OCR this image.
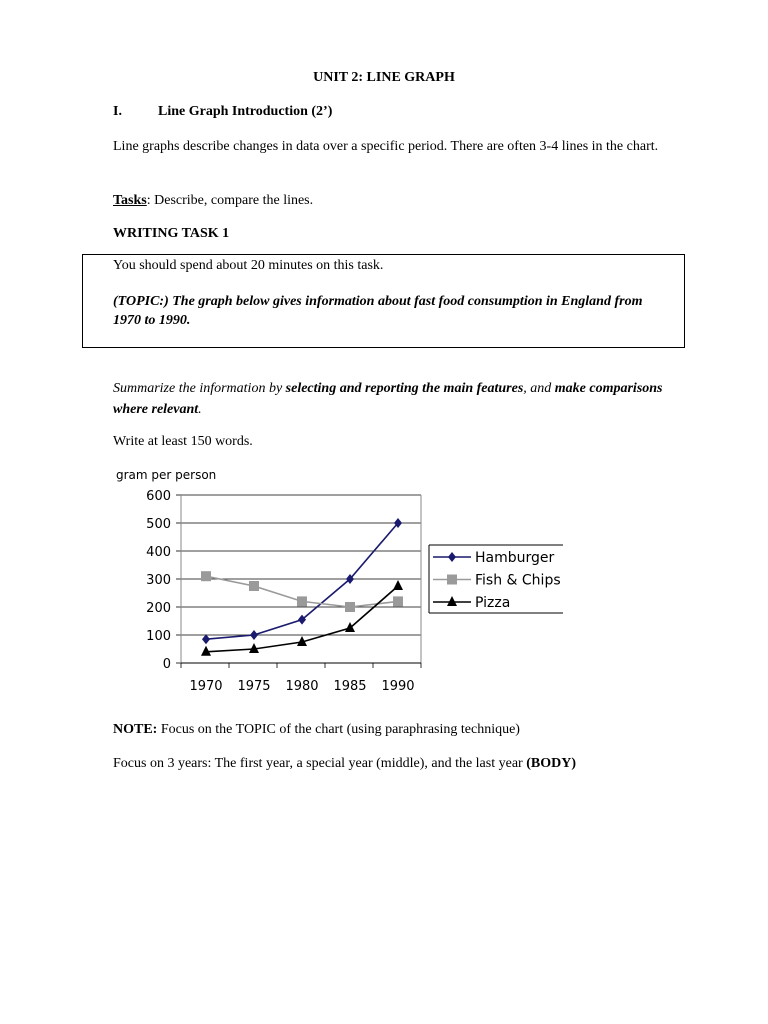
UNIT 2: LINE GRAPH
I.	Line Graph Introduction (2’)
Line graphs describe changes in data over a specific period. There are often 3-4 lines in the chart.
Tasks: Describe, compare the lines.
WRITING TASK 1
You should spend about 20 minutes on this task.
(TOPIC:) The graph below gives information about fast food consumption in England from 1970 to 1990.
Summarize the information by selecting and reporting the main features, and make comparisons where relevant.
Write at least 150 words.
gram per person
0
100
200
300
400
500
600
1970 1975 1980 1985 1990
Hamburger
Fish & Chips
Pizza
NOTE: Focus on the TOPIC of the chart (using paraphrasing technique)
Focus on 3 years: The first year, a special year (middle), and the last year (BODY)
